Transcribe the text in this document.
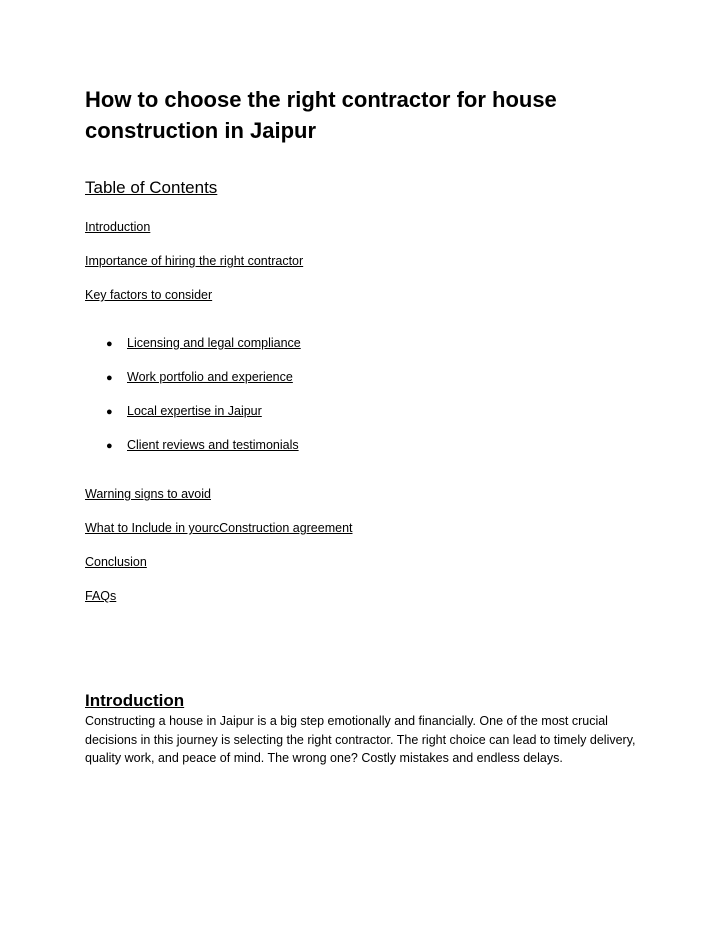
How to choose the right contractor for house construction in Jaipur
Table of Contents
Introduction
Importance of hiring the right contractor
Key factors to consider
● Licensing and legal compliance
● Work portfolio and experience
● Local expertise in Jaipur
● Client reviews and testimonials
Warning signs to avoid
What to Include in yourcConstruction agreement
Conclusion
FAQs
Introduction

Constructing a house in Jaipur is a big step emotionally and financially. One of the most crucial decisions in this journey is selecting the right contractor. The right choice can lead to timely delivery, quality work, and peace of mind. The wrong one? Costly mistakes and endless delays.
